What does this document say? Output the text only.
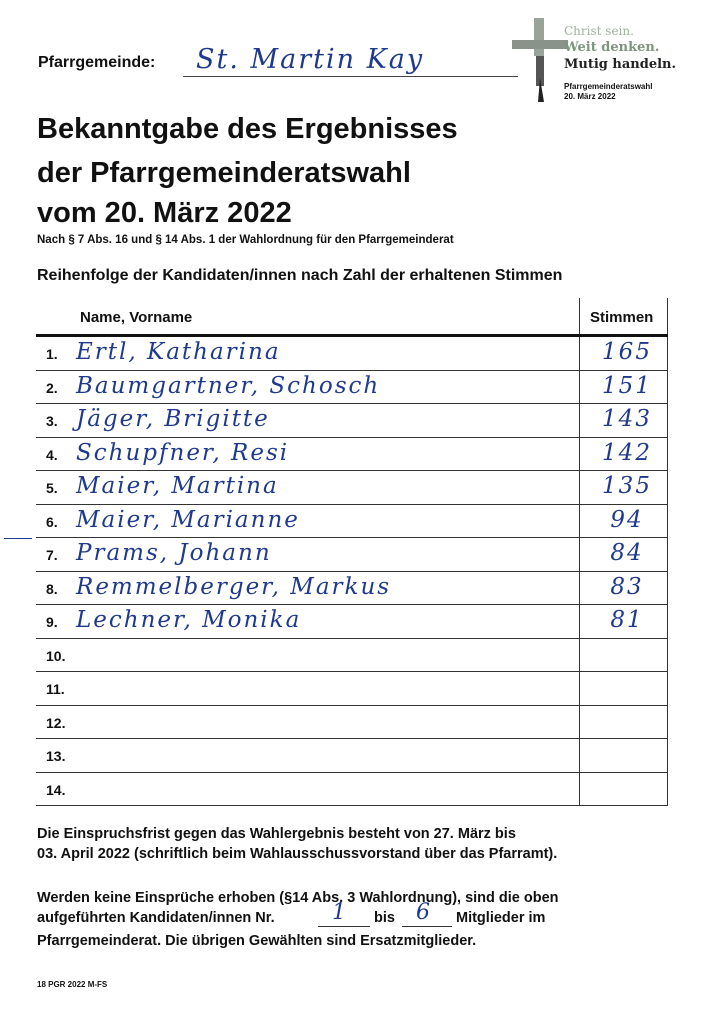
Pfarrgemeinde: St. Martin Kay
Christ sein.
Weit denken.
Mutig handeln.
Pfarrgemeinderatswahl
20. März 2022
Bekanntgabe des Ergebnisses
der Pfarrgemeinderatswahl
vom 20. März 2022
Nach § 7 Abs. 16 und § 14 Abs. 1 der Wahlordnung für den Pfarrgemeinderat
Reihenfolge der Kandidaten/innen nach Zahl der erhaltenen Stimmen
Name, Vorname	Stimmen
1. Ertl, Katharina	165
2. Baumgartner, Schosch	151
3. Jäger, Brigitte	143
4. Schupfner, Resi	142
5. Maier, Martina	135
6. Maier, Marianne	94
7. Prams, Johann	84
8. Remmelberger, Markus	83
9. Lechner, Monika	81
10.
11.
12.
13.
14.
Die Einspruchsfrist gegen das Wahlergebnis besteht von 27. März bis
03. April 2022 (schriftlich beim Wahlausschussvorstand über das Pfarramt).
Werden keine Einsprüche erhoben (§14 Abs. 3 Wahlordnung), sind die oben
aufgeführten Kandidaten/innen Nr.	1 bis 6 Mitglieder im
Pfarrgemeinderat. Die übrigen Gewählten sind Ersatzmitglieder.
18 PGR 2022 M-FS
